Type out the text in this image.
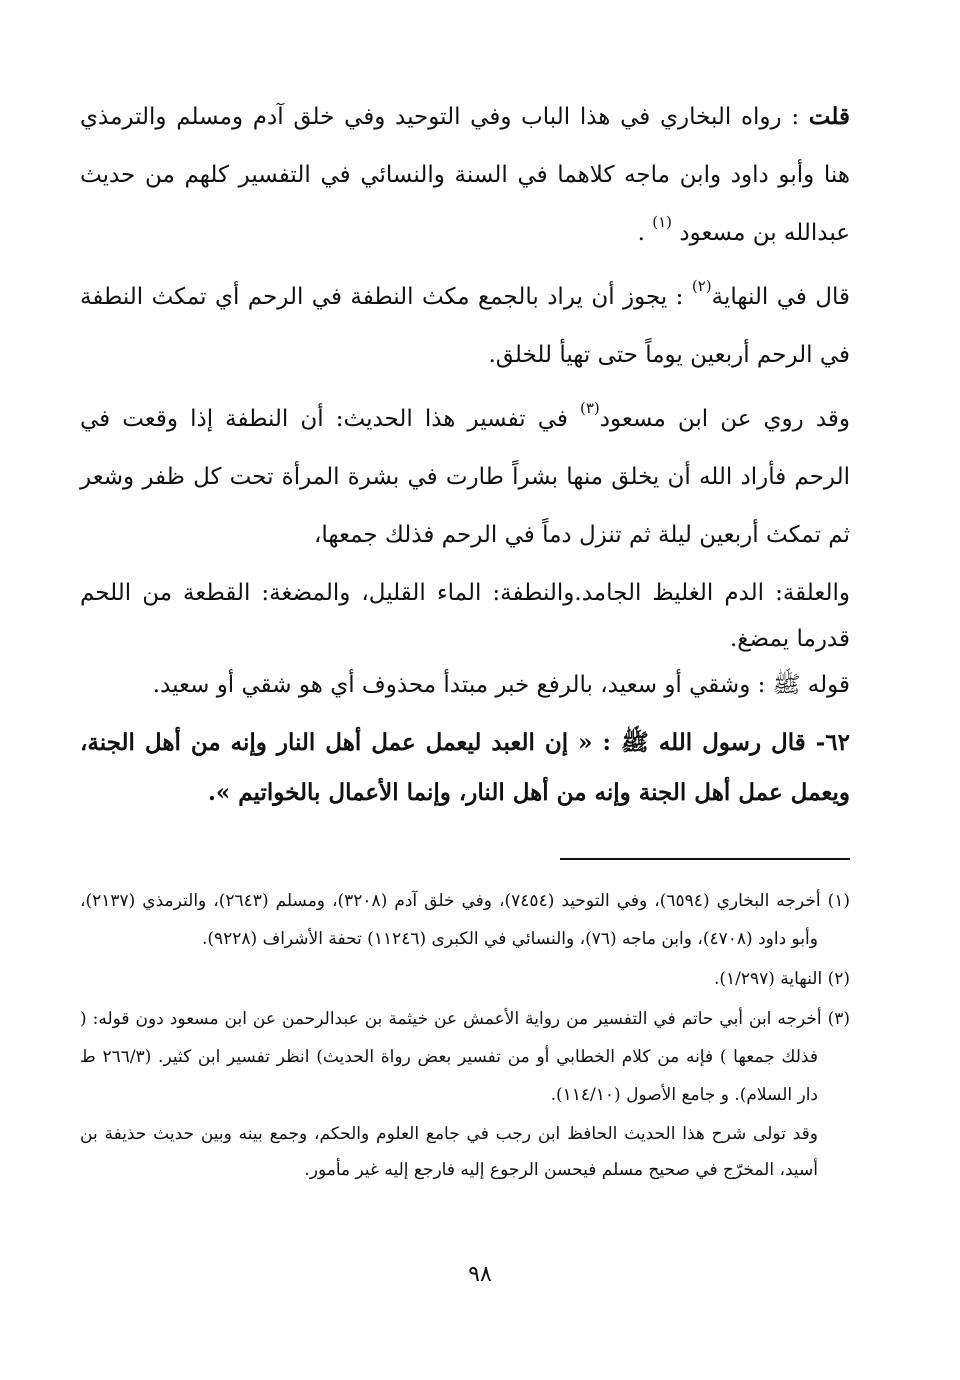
قلت : رواه البخاري في هذا الباب وفي التوحيد وفي خلق آدم ومسلم والترمذي هنا وأبو داود وابن ماجه كلاهما في السنة والنسائي في التفسير كلهم من حديث عبدالله بن مسعود $^{(١)}$ .

قال في النهاية$^{(٢)}$ : يجوز أن يراد بالجمع مكث النطفة في الرحم أي تمكث النطفة في الرحم أربعين يوماً حتى تهيأ للخلق.

وقد روي عن ابن مسعود$^{(٣)}$ في تفسير هذا الحديث: أن النطفة إذا وقعت في الرحم فأراد الله أن يخلق منها بشراً طارت في بشرة المرأة تحت كل ظفر وشعر ثم تمكث أربعين ليلة ثم تنزل دماً في الرحم فذلك جمعها،

والعلقة: الدم الغليظ الجامد.والنطفة: الماء القليل، والمضغة: القطعة من اللحم قدرما يمضغ.

قوله ﷺ : وشقي أو سعيد، بالرفع خبر مبتدأ محذوف أي هو شقي أو سعيد.

٦٢- قال رسول الله ﷺ : « إن العبد ليعمل عمل أهل النار وإنه من أهل الجنة، ويعمل عمل أهل الجنة وإنه من أهل النار، وإنما الأعمال بالخواتيم ».

(١) أخرجه البخاري (٦٥٩٤)، وفي التوحيد (٧٤٥٤)، وفي خلق آدم (٣٢٠٨)، ومسلم (٢٦٤٣)، والترمذي (٢١٣٧)، وأبو داود (٤٧٠٨)، وابن ماجه (٧٦)، والنسائي في الكبرى (١١٢٤٦) تحفة الأشراف (٩٢٢٨).

(٢) النهاية (١/٢٩٧).

(٣) أخرجه ابن أبي حاتم في التفسير من رواية الأعمش عن خيثمة بن عبدالرحمن عن ابن مسعود دون قوله: ( فذلك جمعها ) فإنه من كلام الخطابي أو من تفسير بعض رواة الحديث) انظر تفسير ابن كثير. (٢٦٦/٣ ط دار السلام). و جامع الأصول (١١٤/١٠).

وقد تولى شرح هذا الحديث الحافظ ابن رجب في جامع العلوم والحكم، وجمع بينه وبين حديث حذيفة بن أسيد، المخرّج في صحيح مسلم فيحسن الرجوع إليه فارجع إليه غير مأمور.

٩٨
